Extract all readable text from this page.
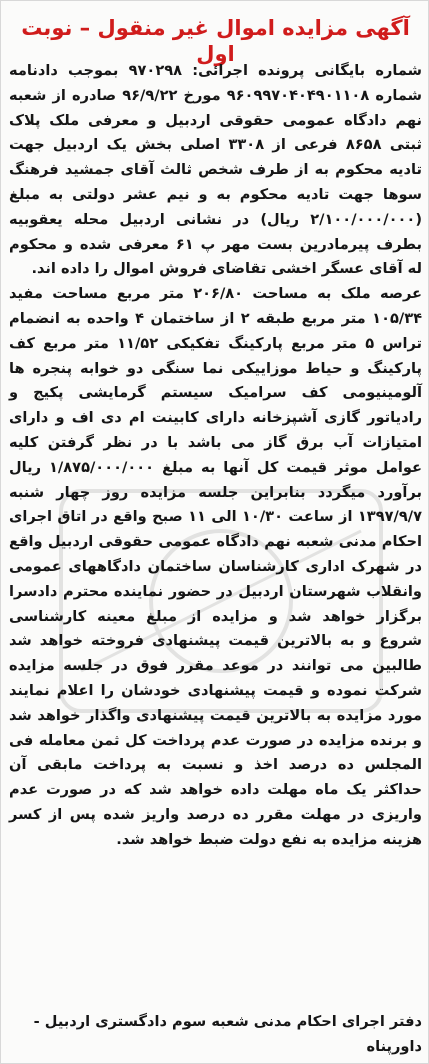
آگهی مزایده اموال غیر منقول – نوبت اول

شماره بایگانی پرونده اجرائی: ۹۷۰۲۹۸ بموجب دادنامه شماره ۹۶۰۹۹۷۰۴۰۴۹۰۱۱۰۸ مورخ ۹۶/۹/۲۲ صادره از شعبه نهم دادگاه عمومی حقوقی اردبیل و معرفی ملک پلاک ثبتی ۸۶۵۸ فرعی از ۳۳۰۸ اصلی بخش یک اردبیل جهت تادیه محکوم به از طرف شخص ثالث آقای جمشید فرهنگ سوها جهت تادیه محکوم به و نیم عشر دولتی به مبلغ (۲/۱۰۰/۰۰۰/۰۰۰ ریال) در نشانی اردبیل محله یعقوبیه بطرف پیرمادرین بست مهر پ ۶۱ معرفی شده و محکوم له آقای عسگر اخشی تقاضای فروش اموال را داده اند.

عرصه ملک به مساحت ۲۰۶/۸۰ متر مربع مساحت مفید ۱۰۵/۳۴ متر مربع طبقه ۲ از ساختمان ۴ واحده به انضمام تراس ۵ متر مربع پارکینگ تفکیکی ۱۱/۵۲ متر مربع کف پارکینگ و حیاط موزاییکی نما سنگی دو خوابه پنجره ها آلومینیومی کف سرامیک سیستم گرمایشی پکیج و رادیاتور گازی آشپزخانه دارای کابینت ام دی اف و دارای امتیازات آب برق گاز می باشد با در نظر گرفتن کلیه عوامل موثر قیمت کل آنها به مبلغ ۱/۸۷۵/۰۰۰/۰۰۰ ریال برآورد میگردد بنابراین جلسه مزایده روز چهار شنبه ۱۳۹۷/۹/۷ از ساعت ۱۰/۳۰ الی ۱۱ صبح واقع در اتاق اجرای احکام مدنی شعبه نهم دادگاه عمومی حقوقی اردبیل واقع در شهرک اداری کارشناسان ساختمان دادگاههای عمومی وانقلاب شهرستان اردبیل در حضور نماینده محترم دادسرا برگزار خواهد شد و مزایده از مبلغ معینه کارشناسی شروع و به بالاترین قیمت پیشنهادی فروخته خواهد شد طالبین می توانند در موعد مقرر فوق در جلسه مزایده شرکت نموده و قیمت پیشنهادی خودشان را اعلام نمایند مورد مزایده به بالاترین قیمت پیشنهادی واگذار خواهد شد و برنده مزایده در صورت عدم پرداخت کل ثمن معامله فی المجلس ده درصد اخذ و نسبت به پرداخت مابقی آن حداکثر یک ماه مهلت داده خواهد شد که در صورت عدم واریزی در مهلت مقرر ده درصد واریز شده پس از کسر هزینه مزایده به نفع دولت ضبط خواهد شد.

دفتر اجرای احکام مدنی شعبه سوم دادگستری اردبیل - داورپناه
